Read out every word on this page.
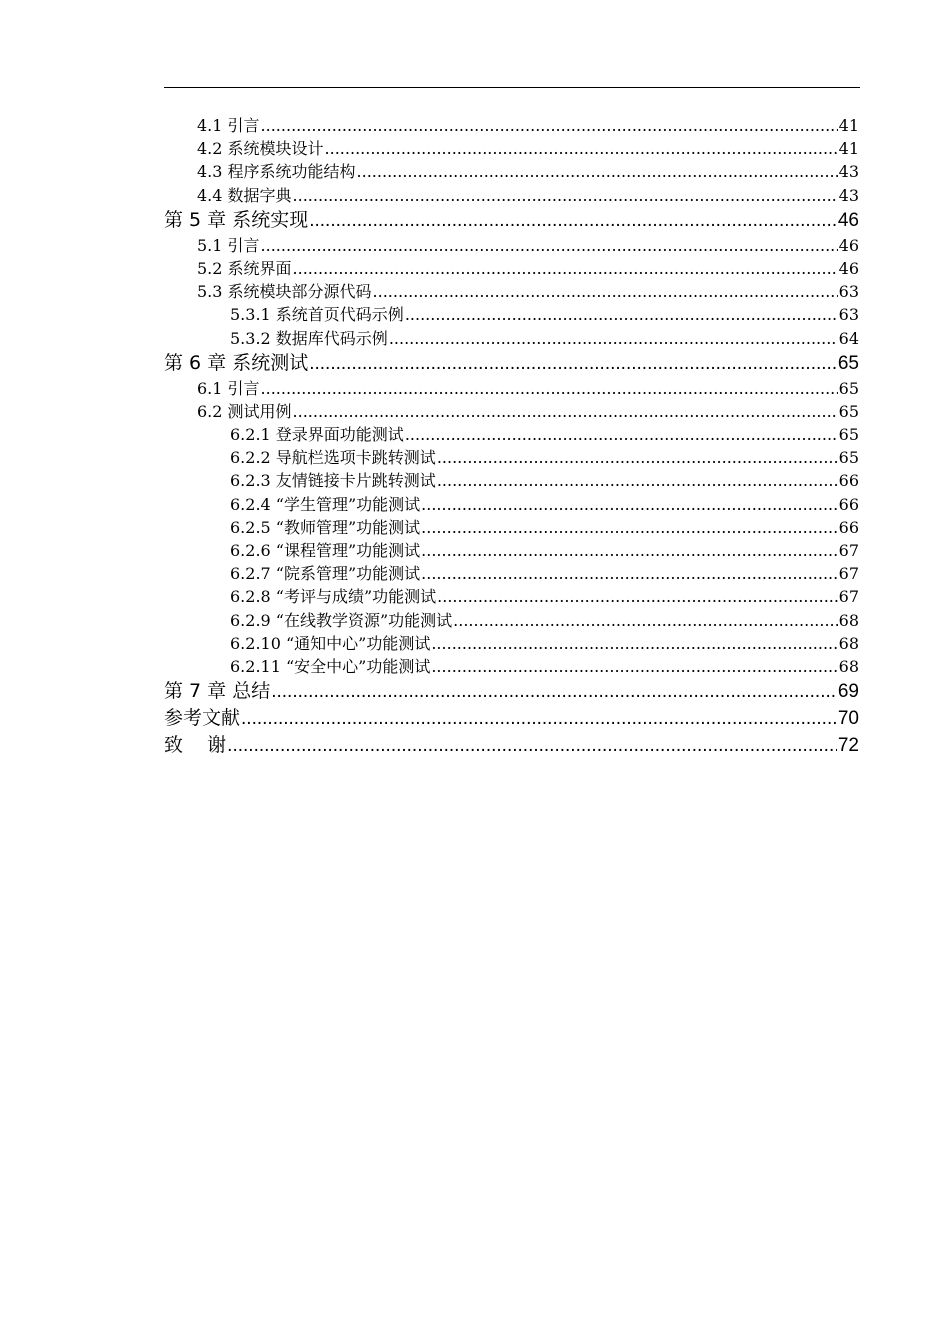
4.1 引言 .....	41
4.2 系统模块设计 .....	41
4.3 程序系统功能结构 .....	43
4.4 数据字典 .....	43
第 5 章 系统实现 .....	46
5.1 引言 .....	46
5.2 系统界面 .....	46
5.3 系统模块部分源代码 .....	63
5.3.1 系统首页代码示例 .....	63
5.3.2 数据库代码示例 .....	64
第 6 章 系统测试 .....	65
6.1 引言 .....	65
6.2 测试用例 .....	65
6.2.1 登录界面功能测试 .....	65
6.2.2 导航栏选项卡跳转测试 .....	65
6.2.3 友情链接卡片跳转测试 .....	66
6.2.4 “学生管理”功能测试 .....	66
6.2.5 “教师管理”功能测试 .....	66
6.2.6 “课程管理”功能测试 .....	67
6.2.7 “院系管理”功能测试 .....	67
6.2.8 “考评与成绩”功能测试 .....	67
6.2.9 “在线教学资源”功能测试 .....	68
6.2.10 “通知中心”功能测试 .....	68
6.2.11 “安全中心”功能测试 .....	68
第 7 章 总结 .....	69
参考文献 .....	70
致    谢 .....	72
